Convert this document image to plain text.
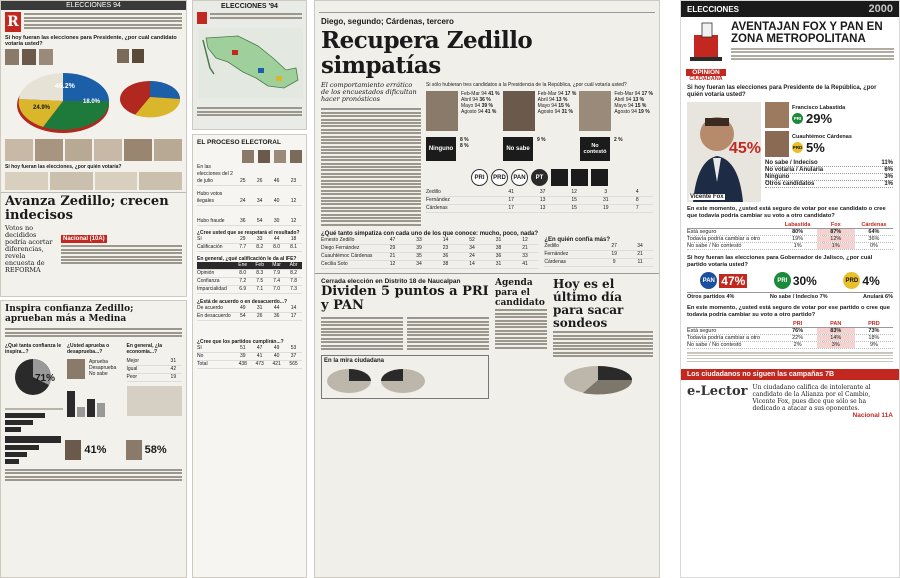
ELECCIONES 94
R
Si hoy fueran las elecciones para Presidente, ¿por cuál candidato votaría usted?
46.2%
18.0%
24.9%
Si hoy fueran las elecciones, ¿por quién votaría?
Avanza Zedillo; crecen indecisos
Votos no decididos podría acortar diferencias, revela encuesta de REFORMA
Nacional (10A)
Inspira confianza Zedillo; aprueban más a Medina
¿Qué tanta confianza le inspira...?
71%
¿Usted aprueba o desaprueba...?
Aprueba
Desaprueba
No sabe
En general, ¿la economía...?
Mejor	31
Igual	42
Peor	19
41%	58%
ELECCIONES '94
EL PROCESO ELECTORAL
En las elecciones del 2 de julio	25	26	46	23
Hubo votos ilegales	24	34	40	12
Hubo fraude	36	54	30	12
¿Cree usted que se respetará el resultado?
Sí	29	33	44	18
Calificación	7.7	8.2	8.0	8.1
En general, ¿qué calificación le da al IFE?
Ene	Feb	Mar	Abr
Opinión	8.0	8.3	7.9	8.2
Confianza	7.2	7.5	7.4	7.8
Imparcialidad	6.9	7.1	7.0	7.3
¿Está de acuerdo o en desacuerdo...?
De acuerdo	49	31	44	14
En desacuerdo	54	26	36	17
¿Cree que los partidos cumplirán...?
Sí	51	47	49	53
No	39	41	40	37
Total	438	473	421	565
Diego, segundo; Cárdenas, tercero
Recupera Zedillo simpatías
El comportamiento errático de los encuestados dificultan hacer pronósticos
Si sólo hubieran tres candidatos a la Presidencia de la República, ¿por cuál votaría usted?
Feb-Mar 94 41 %
Abril 94 36 %
Mayo 94 39 %
Agosto 94 41 %
Feb-Mar 94 17 %
Abril 94 13 %
Mayo 94 15 %
Agosto 94 31 %
Feb-Mar 94 17 %
Abril 94 13 %
Mayo 94 15 %
Agosto 94 19 %
Ninguno
8 %
8 %	No sabe
9 %
No contestó
2 %
PRI	PRD	PAN	PT
Zedillo	41	37	12	3	4
Fernández	17	13	15	31	8
Cárdenas	17	13	15	19	7
¿Qué tanto simpatiza con cada uno de los que conoce: mucho, poco, nada?
Ernesto Zedillo	47	33	14	52	31	12
Diego Fernández	29	39	23	34	38	21
Cuauhtémoc Cárdenas	21	35	36	24	36	33
Cecilia Soto	12	34	38	14	31	41
¿En quién confía más?
Zedillo	27	34
Fernández	19	21
Cárdenas	9	11
Cerrada elección en Distrito 18 de Naucalpan
Dividen 5 puntos a PRI y PAN
En la mira ciudadana
Agenda para el candidato
Hoy es el último día para sacar sondeos
ELECCIONES	2000
OPINIÓN
CIUDADANA
AVENTAJAN FOX Y PAN EN ZONA METROPOLITANA
Si hoy fueran las elecciones para Presidente de la República, ¿por quién votaría usted?
45%
Vicente Fox
Francisco Labastida
PRI 29%
Cuauhtémoc Cárdenas
PRD 5%
No sabe / Indeciso	11%
No votaría / Anularía	6%
Ninguno	3%
Otros candidatos	1%
En este momento, ¿usted está seguro de votar por ese candidato o cree que todavía podría cambiar su voto a otro candidato?
Labastida	Fox	Cárdenas
Está seguro	80%	87%	64%
Todavía podría cambiar a otro	19%	12%	36%
No sabe / No contestó	1%	1%	0%
Si hoy fueran las elecciones para Gobernador de Jalisco, ¿por cuál partido votaría usted?
PAN 47%	PRI 30%	PRD 4%
Otros partidos 4%	No sabe / Indeciso 7%	Anulará 6%
En este momento, ¿usted está seguro de votar por ese partido o cree que todavía podría cambiar su voto a otro partido?
PRI	PAN	PRD
Está seguro	76%	83%	73%
Todavía podría cambiar a otro	22%	14%	18%
No sabe / No contestó	2%	3%	9%
Los ciudadanos no siguen las campañas 7B
e-Lector Un ciudadano califica de intolerante al candidato de la Alianza por el Cambio, Vicente Fox, pues dice que sólo se ha dedicado a atacar a sus oponentes.
Nacional 11A
